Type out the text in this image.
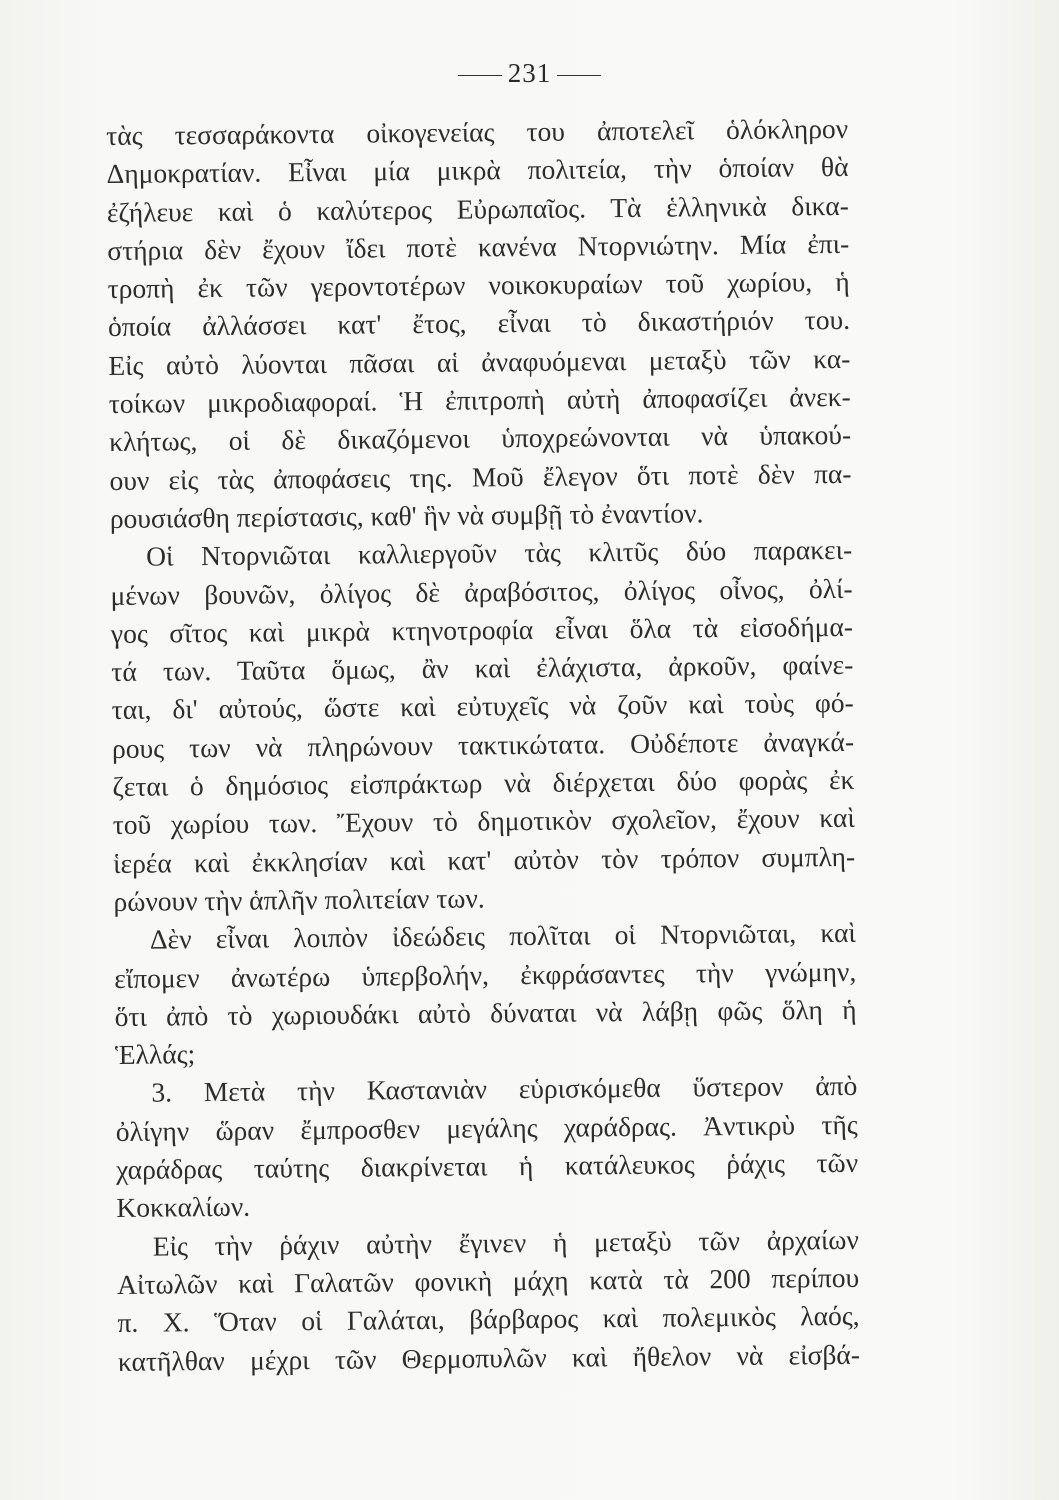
231
τὰς τεσσαράκοντα οἰκογενείας του ἀποτελεῖ ὁλόκληρον
Δημοκρατίαν. Εἶναι μία μικρὰ πολιτεία, τὴν ὁποίαν θὰ
ἐζήλευε καὶ ὁ καλύτερος Εὐρωπαῖος. Τὰ ἑλληνικὰ δικα-
στήρια δὲν ἔχουν ἴδει ποτὲ κανένα Ντορνιώτην. Μία ἐπι-
τροπὴ ἐκ τῶν γεροντοτέρων νοικοκυραίων τοῦ χωρίου, ἡ
ὁποία ἀλλάσσει κατ' ἔτος, εἶναι τὸ δικαστήριόν του.
Εἰς αὐτὸ λύονται πᾶσαι αἱ ἀναφυόμεναι μεταξὺ τῶν κα-
τοίκων μικροδιαφοραί. Ἡ ἐπιτροπὴ αὐτὴ ἀποφασίζει ἀνεκ-
κλήτως, οἱ δὲ δικαζόμενοι ὑποχρεώνονται νὰ ὑπακού-
ουν εἰς τὰς ἀποφάσεις της. Μοῦ ἔλεγον ὅτι ποτὲ δὲν πα-
ρουσιάσθη περίστασις, καθ' ἣν νὰ συμβῇ τὸ ἐναντίον.
Οἱ Ντορνιῶται καλλιεργοῦν τὰς κλιτῦς δύο παρακει-
μένων βουνῶν, ὀλίγος δὲ ἀραβόσιτος, ὀλίγος οἶνος, ὀλί-
γος σῖτος καὶ μικρὰ κτηνοτροφία εἶναι ὅλα τὰ εἰσοδήμα-
τά των. Ταῦτα ὅμως, ἂν καὶ ἐλάχιστα, ἀρκοῦν, φαίνε-
ται, δι' αὐτούς, ὥστε καὶ εὐτυχεῖς νὰ ζοῦν καὶ τοὺς φό-
ρους των νὰ πληρώνουν τακτικώτατα. Οὐδέποτε ἀναγκά-
ζεται ὁ δημόσιος εἰσπράκτωρ νὰ διέρχεται δύο φορὰς ἐκ
τοῦ χωρίου των. Ἔχουν τὸ δημοτικὸν σχολεῖον, ἔχουν καὶ
ἱερέα καὶ ἐκκλησίαν καὶ κατ' αὐτὸν τὸν τρόπον συμπλη-
ρώνουν τὴν ἁπλῆν πολιτείαν των.
Δὲν εἶναι λοιπὸν ἰδεώδεις πολῖται οἱ Ντορνιῶται, καὶ
εἴπομεν ἀνωτέρω ὑπερβολήν, ἐκφράσαντες τὴν γνώμην,
ὅτι ἀπὸ τὸ χωριουδάκι αὐτὸ δύναται νὰ λάβῃ φῶς ὅλη ἡ
Ἑλλάς;
3. Μετὰ τὴν Καστανιὰν εὑρισκόμεθα ὕστερον ἀπὸ
ὀλίγην ὥραν ἔμπροσθεν μεγάλης χαράδρας. Ἀντικρὺ τῆς
χαράδρας ταύτης διακρίνεται ἡ κατάλευκος ῥάχις τῶν
Κοκκαλίων.
Εἰς τὴν ῥάχιν αὐτὴν ἔγινεν ἡ μεταξὺ τῶν ἀρχαίων
Αἰτωλῶν καὶ Γαλατῶν φονικὴ μάχη κατὰ τὰ 200 περίπου
π. Χ. Ὅταν οἱ Γαλάται, βάρβαρος καὶ πολεμικὸς λαός,
κατῆλθαν μέχρι τῶν Θερμοπυλῶν καὶ ἤθελον νὰ εἰσβά-
